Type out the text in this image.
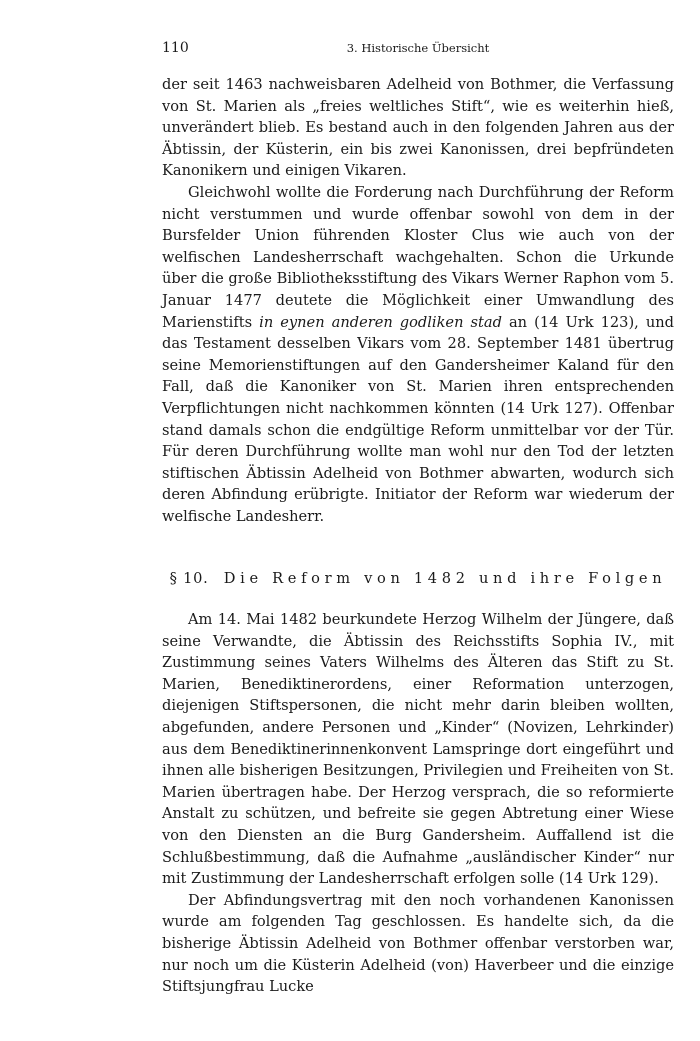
110	3. Historische Übersicht

der seit 1463 nachweisbaren Adelheid von Bothmer, die Verfassung von St. Marien als „freies weltliches Stift“, wie es weiterhin hieß, unverändert blieb. Es bestand auch in den folgenden Jahren aus der Äbtissin, der Küsterin, ein bis zwei Kanonissen, drei bepfründeten Kanonikern und einigen Vikaren.

Gleichwohl wollte die Forderung nach Durchführung der Reform nicht verstummen und wurde offenbar sowohl von dem in der Bursfelder Union führenden Kloster Clus wie auch von der welfischen Landesherrschaft wachgehalten. Schon die Urkunde über die große Bibliotheksstiftung des Vikars Werner Raphon vom 5. Januar 1477 deutete die Möglichkeit einer Umwandlung des Marienstifts in eynen anderen godliken stad an (14 Urk 123), und das Testament desselben Vikars vom 28. September 1481 übertrug seine Memorienstiftungen auf den Gandersheimer Kaland für den Fall, daß die Kanoniker von St. Marien ihren entsprechenden Verpflichtungen nicht nachkommen könnten (14 Urk 127). Offenbar stand damals schon die endgültige Reform unmittelbar vor der Tür. Für deren Durchführung wollte man wohl nur den Tod der letzten stiftischen Äbtissin Adelheid von Bothmer abwarten, wodurch sich deren Abfindung erübrigte. Initiator der Reform war wiederum der welfische Landesherr.

§ 10. Die Reform von 1482 und ihre Folgen

Am 14. Mai 1482 beurkundete Herzog Wilhelm der Jüngere, daß seine Verwandte, die Äbtissin des Reichsstifts Sophia IV., mit Zustimmung seines Vaters Wilhelms des Älteren das Stift zu St. Marien, Benediktinerordens, einer Reformation unterzogen, diejenigen Stiftspersonen, die nicht mehr darin bleiben wollten, abgefunden, andere Personen und „Kinder“ (Novizen, Lehrkinder) aus dem Benediktinerinnenkonvent Lamspringe dort eingeführt und ihnen alle bisherigen Besitzungen, Privilegien und Freiheiten von St. Marien übertragen habe. Der Herzog versprach, die so reformierte Anstalt zu schützen, und befreite sie gegen Abtretung einer Wiese von den Diensten an die Burg Gandersheim. Auffallend ist die Schlußbestimmung, daß die Aufnahme „ausländischer Kinder“ nur mit Zustimmung der Landesherrschaft erfolgen solle (14 Urk 129).

Der Abfindungsvertrag mit den noch vorhandenen Kanonissen wurde am folgenden Tag geschlossen. Es handelte sich, da die bisherige Äbtissin Adelheid von Bothmer offenbar verstorben war, nur noch um die Küsterin Adelheid (von) Haverbeer und die einzige Stiftsjungfrau Lucke
